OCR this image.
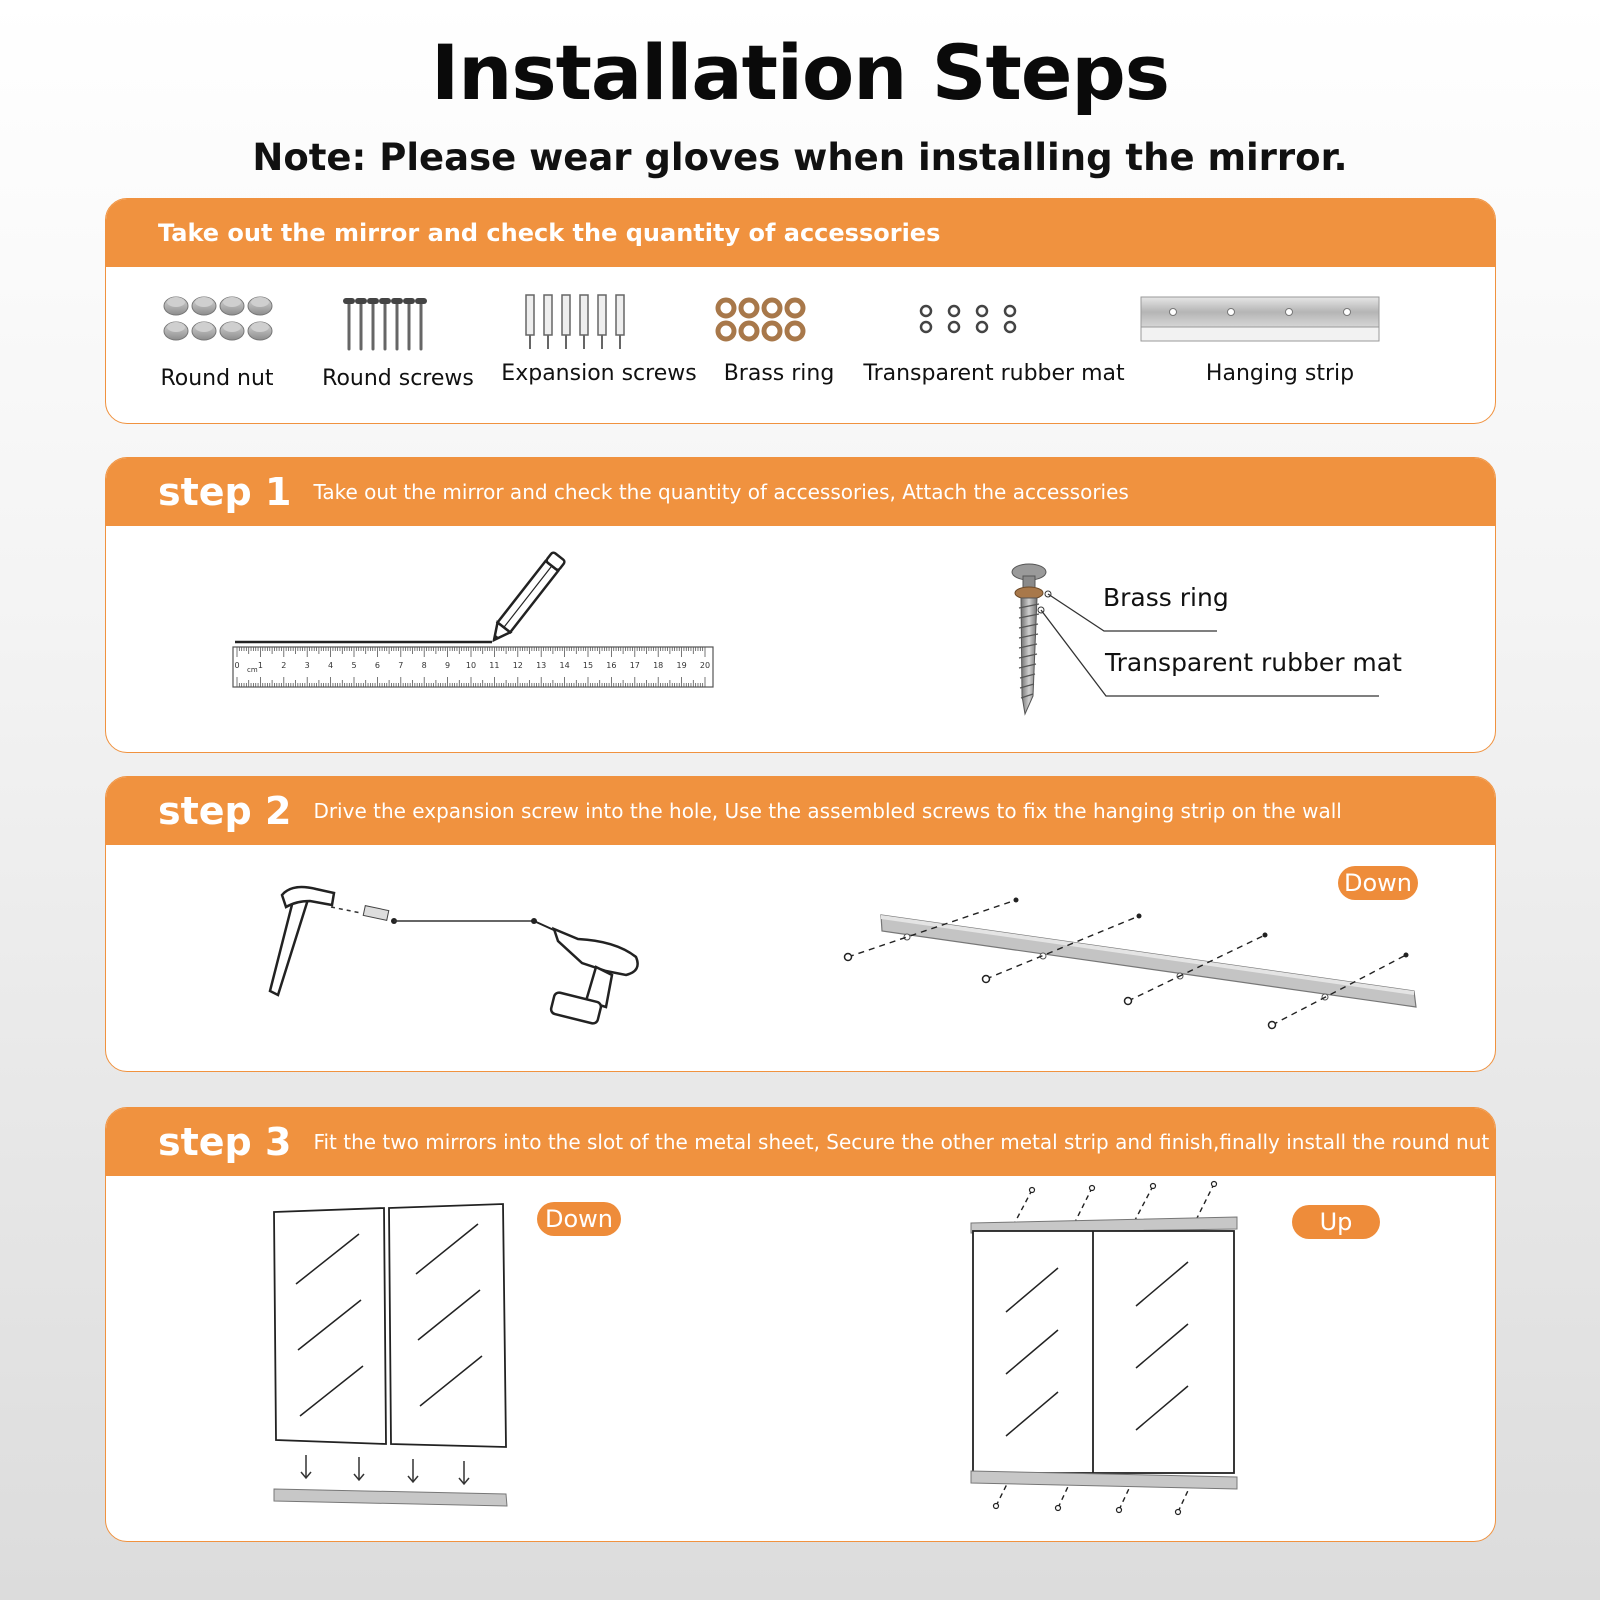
Installation Steps
Note: Please wear gloves when installing the mirror.
Take out the mirror and check the quantity of accessories
Round nut Round screws Expansion screws Brass ring Transparent rubber mat	Hanging strip
step 1 Take out the mirror and check the quantity of accessories, Attach the accessories
0 1 2 3 4 5 6 7 8 9 10 11 12 13 14 15 16 17 18 19 20
cm
Brass ring
Transparent rubber mat
step 2 Drive the expansion screw into the hole, Use the assembled screws to fix the hanging strip on the wall
Down
step 3 Fit the two mirrors into the slot of the metal sheet, Secure the other metal strip and finish,finally install the round nut
Down	Up
